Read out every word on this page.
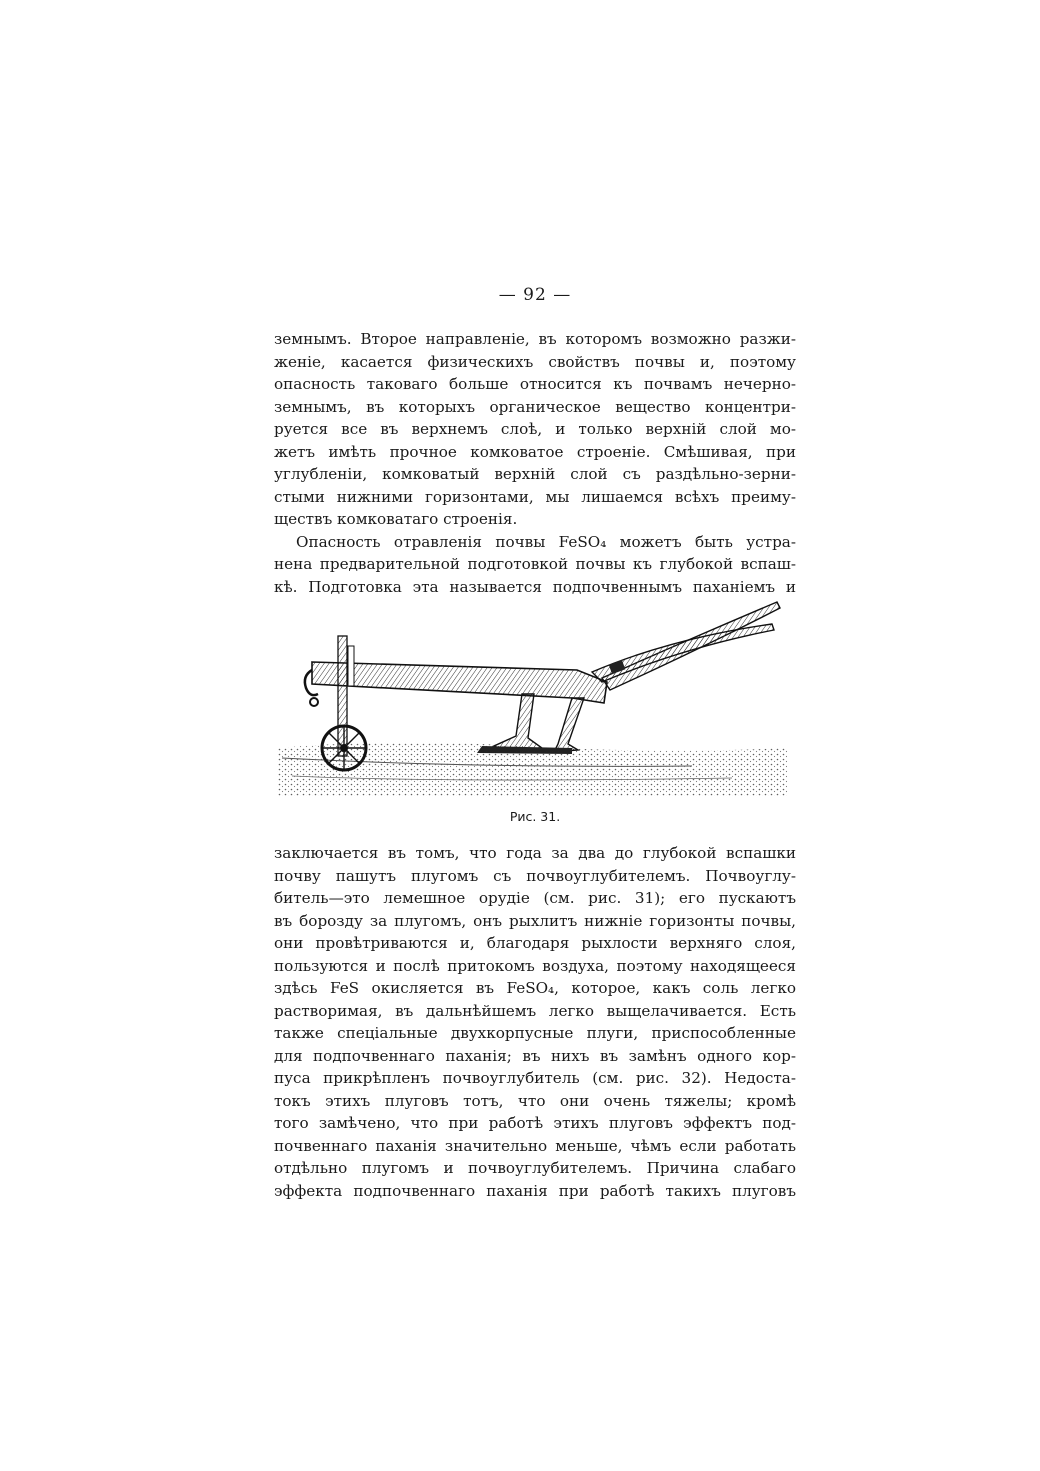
— 92 —
земнымъ. Второе направленіе, въ которомъ возможно разжи-
женіе, касается физическихъ свойствъ почвы и, поэтому
опасность таковаго больше относится къ почвамъ нечерно-
земнымъ, въ которыхъ органическое вещество концентри-
руется все въ верхнемъ слоѣ, и только верхній слой мо-
жетъ имѣть прочное комковатое строеніе. Смѣшивая, при
углубленіи, комковатый верхній слой съ раздѣльно-зерни-
стыми нижними горизонтами, мы лишаемся всѣхъ преиму-
ществъ комковатаго строенія.
Опасность отравленія почвы FeSO₄ можетъ быть устра-
нена предварительной подготовкой почвы къ глубокой вспаш-
кѣ. Подготовка эта называется подпочвеннымъ паханіемъ и
Рис. 31.
заключается въ томъ, что года за два до глубокой вспашки
почву пашутъ плугомъ съ почвоуглубителемъ. Почвоуглу-
битель—это лемешное орудіе (см. рис. 31); его пускаютъ
въ борозду за плугомъ, онъ рыхлитъ нижніе горизонты почвы,
они провѣтриваются и, благодаря рыхлости верхняго слоя,
пользуются и послѣ притокомъ воздуха, поэтому находящееся
здѣсь FeS окисляется въ FeSO₄, которое, какъ соль легко
растворимая, въ дальнѣйшемъ легко выщелачивается. Есть
также спеціальные двухкорпусные плуги, приспособленные
для подпочвеннаго паханія; въ нихъ въ замѣнъ одного кор-
пуса прикрѣпленъ почвоуглубитель (см. рис. 32). Недоста-
токъ этихъ плуговъ тотъ, что они очень тяжелы; кромѣ
того замѣчено, что при работѣ этихъ плуговъ эффектъ под-
почвеннаго паханія значительно меньше, чѣмъ если работать
отдѣльно плугомъ и почвоуглубителемъ. Причина слабаго
эффекта подпочвеннаго паханія при работѣ такихъ плуговъ
